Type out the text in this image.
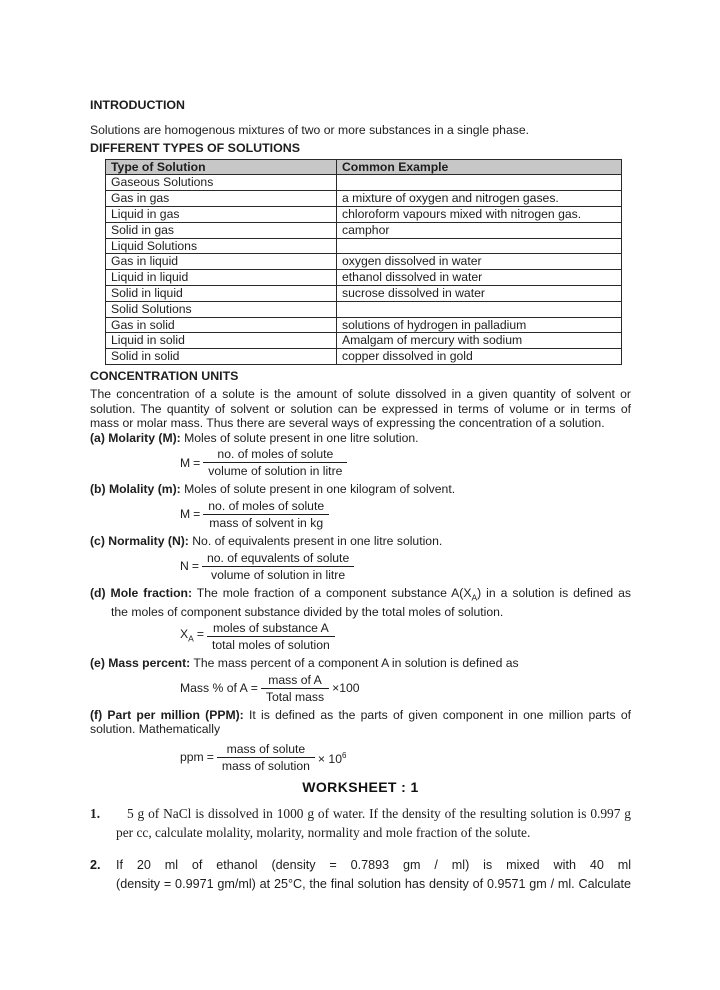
INTRODUCTION

Solutions are homogenous mixtures of two or more substances in a single phase.

DIFFERENT TYPES OF SOLUTIONS
Type of Solution	Common Example
Gaseous Solutions	
Gas in gas	a mixture of oxygen and nitrogen gases.
Liquid in gas	chloroform vapours mixed with nitrogen gas.
Solid in gas	camphor
Liquid Solutions	
Gas in liquid	oxygen dissolved in water
Liquid in liquid	ethanol dissolved in water
Solid in liquid	sucrose dissolved in water
Solid Solutions	
Gas in solid	solutions of hydrogen in palladium
Liquid in solid	Amalgam of mercury with sodium
Solid in solid	copper dissolved in gold
CONCENTRATION UNITS
The concentration of a solute is the amount of solute dissolved in a given quantity of solvent or
solution. The quantity of solvent or solution can be expressed in terms of volume or in terms of
mass or molar mass. Thus there are several ways of expressing the concentration of a solution.

(a) Molarity (M): Moles of solute present in one litre solution.

$M = \frac{\text{no. of moles of solute}}{\text{volume of solution in litre}}$

(b) Molality (m): Moles of solute present in one kilogram of solvent.

$M = \frac{\text{no. of moles of solute}}{\text{mass of solvent in kg}}$

(c) Normality (N): No. of equivalents present in one litre solution.

$N = \frac{\text{no. of equvalents of solute}}{\text{volume of solution in litre}}$
(d) Mole fraction: The mole fraction of a component substance $A(X_A)$ in a solution is defined as
the moles of component substance divided by the total moles of solution.
$X_A = \frac{\text{moles of substance A}}{\text{total moles of solution}}$

(e) Mass percent: The mass percent of a component A in solution is defined as

Mass % of $A = \frac{\text{mass of A}}{\text{Total mass}} \times 100$
(f) Part per million (PPM): It is defined as the parts of given component in one million parts of
solution. Mathematically
ppm = $\frac{\text{mass of solute}}{\text{mass of solution}} \times 10^6$
WORKSHEET : 1
1.	5 g of NaCl is dissolved in 1000 g of water. If the density of the resulting solution is 0.997 g
per cc, calculate molality, molarity, normality and mole fraction of the solute.
2.	If 20 ml of ethanol (density = 0.7893 gm / ml) is mixed with 40 ml
(density = 0.9971 gm/ml) at 25°C, the final solution has density of 0.9571 gm / ml. Calculate
